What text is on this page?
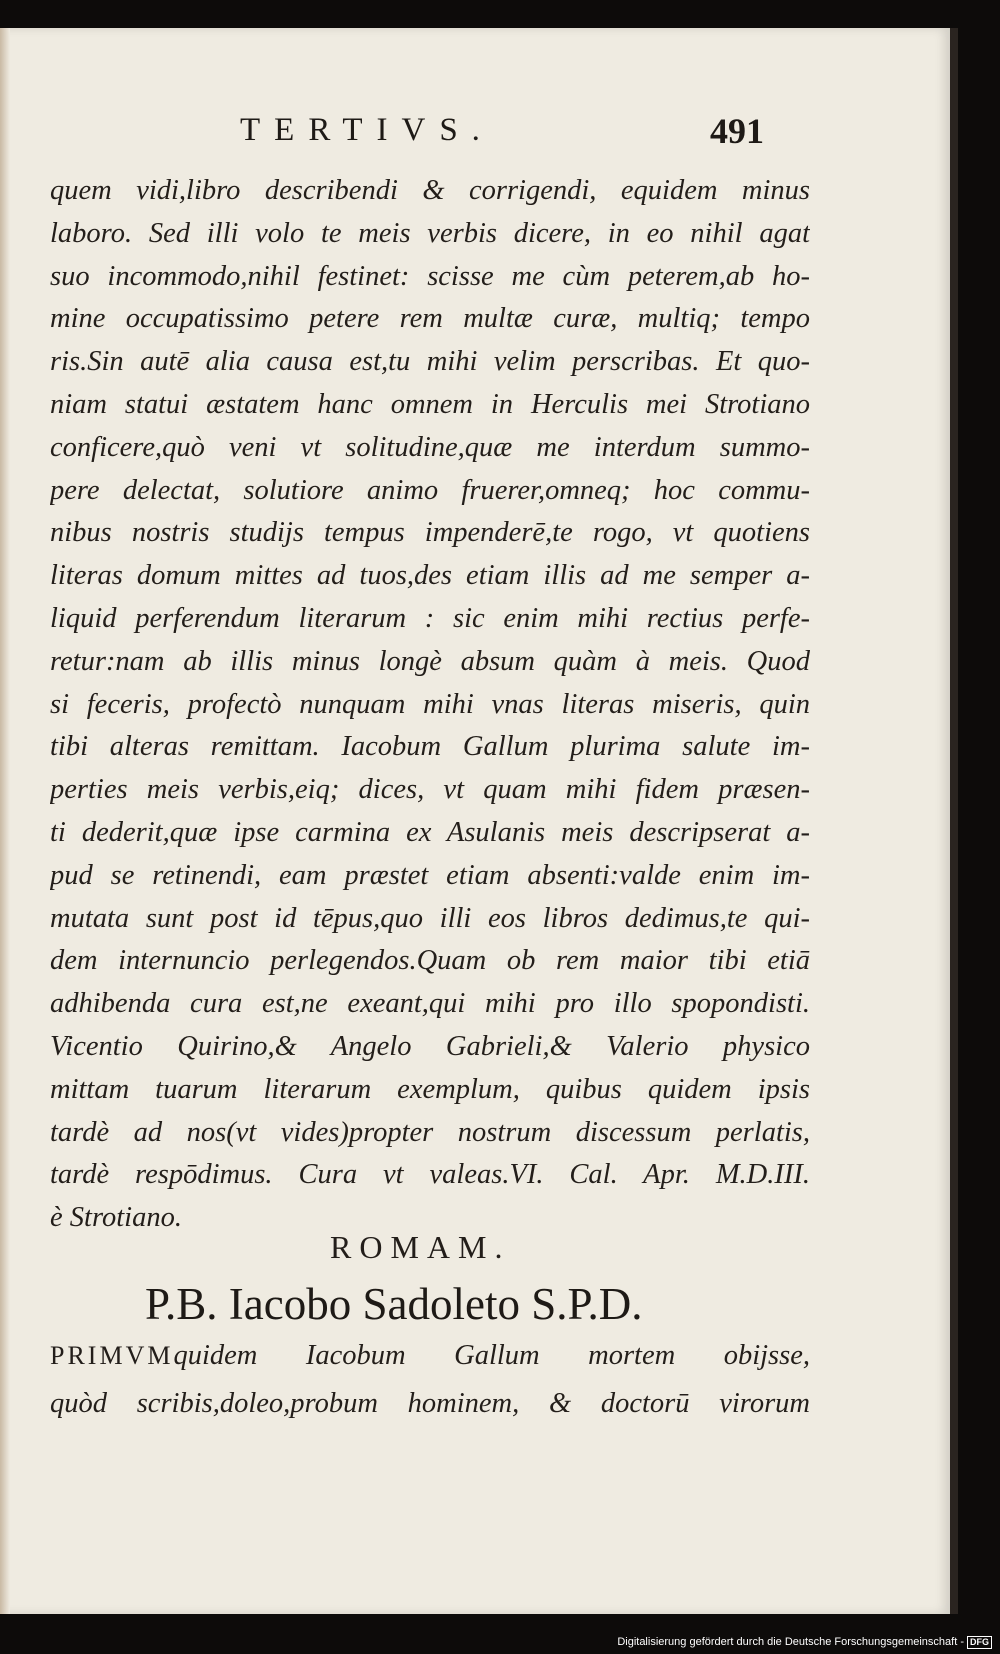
TERTIVS.	491
quem vidi,libro describendi & corrigendi, equidem minus
laboro. Sed illi volo te meis verbis dicere, in eo nihil agat
suo incommodo,nihil festinet: scisse me cùm peterem,ab ho-
mine occupatissimo petere rem multæ curæ, multiq; tempo
ris.Sin autē alia causa est,tu mihi velim perscribas. Et quo-
niam statui æstatem hanc omnem in Herculis mei Strotiano
conficere,quò veni vt solitudine,quæ me interdum summo-
pere delectat, solutiore animo fruerer,omneq; hoc commu-
nibus nostris studijs tempus impenderē,te rogo, vt quotiens
literas domum mittes ad tuos,des etiam illis ad me semper a-
liquid perferendum literarum : sic enim mihi rectius perfe-
retur:nam ab illis minus longè absum quàm à meis. Quod
si feceris, profectò nunquam mihi vnas literas miseris, quin
tibi alteras remittam. Iacobum Gallum plurima salute im-
perties meis verbis,eiq; dices, vt quam mihi fidem præsen-
ti dederit,quæ ipse carmina ex Asulanis meis descripserat a-
pud se retinendi, eam præstet etiam absenti:valde enim im-
mutata sunt post id tēpus,quo illi eos libros dedimus,te qui-
dem internuncio perlegendos.Quam ob rem maior tibi etiā
adhibenda cura est,ne exeant,qui mihi pro illo spopondisti.
Vicentio Quirino,& Angelo Gabrieli,& Valerio physico
mittam tuarum literarum exemplum, quibus quidem ipsis
tardè ad nos(vt vides)propter nostrum discessum perlatis,
tardè respōdimus. Cura vt valeas.VI. Cal. Apr. M.D.III.
è Strotiano.
ROMAM.
P.B. Iacobo Sadoleto S.P.D.
PRIMVMquidem Iacobum Gallum mortem obijsse,
quòd scribis,doleo,probum hominem, & doctorū virorum
Digitalisierung gefördert durch die Deutsche Forschungsgemeinschaft - DFG
